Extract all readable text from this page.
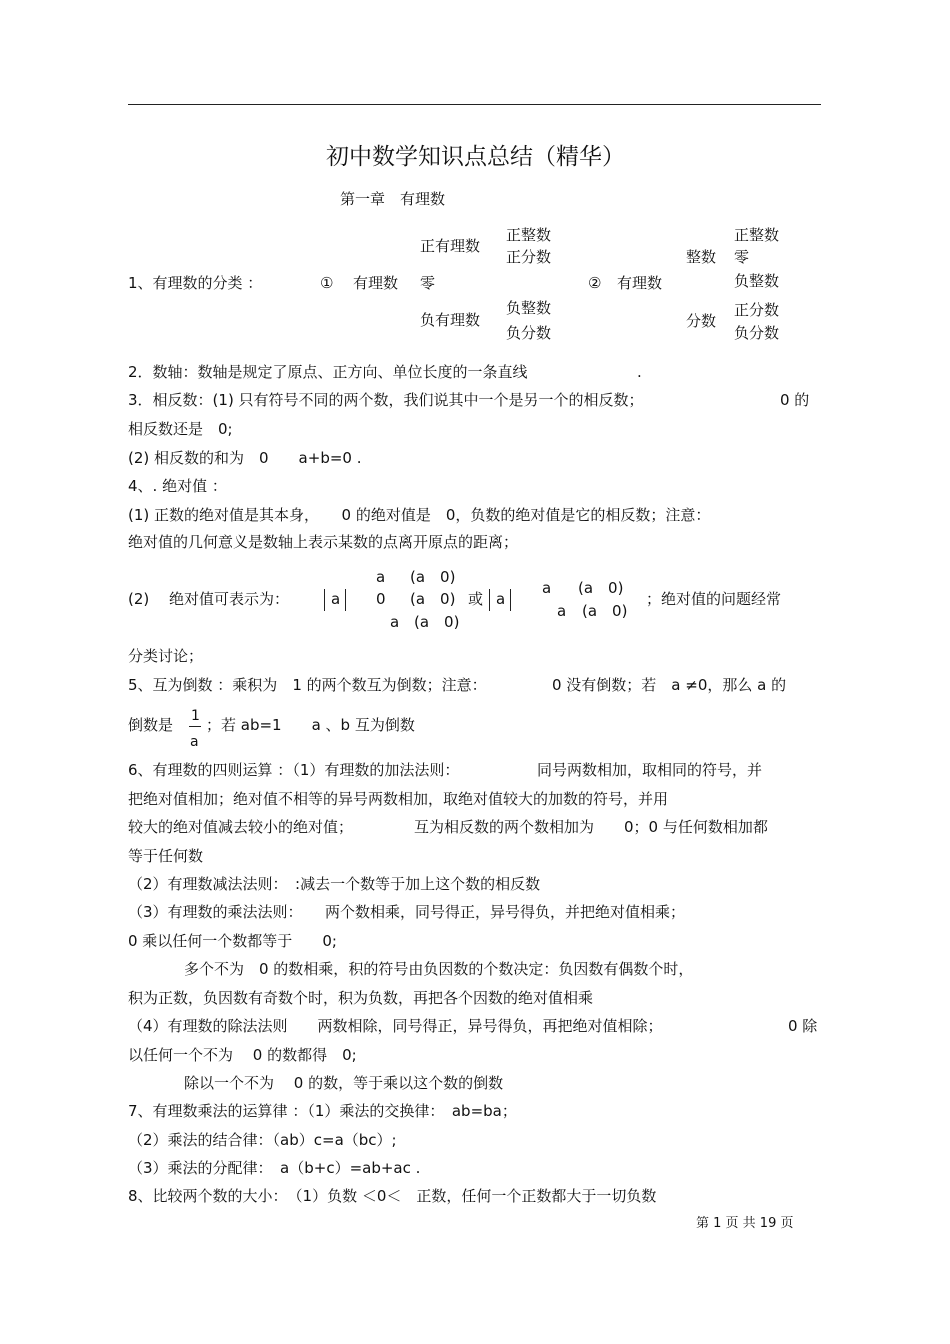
初中数学知识点总结（精华）
第一章　有理数
1、有理数的分类 ：	① 有理数
正有理数
正整数
正分数
零
负有理数
负整数
负分数
② 有理数
整数
正整数
零
负整数
分数
正分数
负分数
2．数轴：数轴是规定了原点、正方向、单位长度的一条直线	.
3．相反数：(1) 只有符号不同的两个数，我们说其中一个是另一个的相反数；	0 的
相反数还是　0;
(2) 相反数的和为　0　　a+b=0 .
4、. 绝对值 ：
(1) 正数的绝对值是其本身，　　0 的绝对值是　0，负数的绝对值是它的相反数；注意：
绝对值的几何意义是数轴上表示某数的点离开原点的距离；
(2)　 绝对值可表示为：	a
a (a　0)
0 (a　0)
a (a　0)
或 a
a (a　0)
a (a　0)
；绝对值的问题经常
分类讨论；
5、互为倒数 ：乘积为　1 的两个数互为倒数；注意：	0 没有倒数；若　a ≠0，那么 a 的
倒数是 1
a
；若 ab=1　　a 、b 互为倒数
6、有理数的四则运算 ：（1）有理数的加法法则：	同号两数相加，取相同的符号，并
把绝对值相加；绝对值不相等的异号两数相加，取绝对值较大的加数的符号，并用
较大的绝对值减去较小的绝对值；	互为相反数的两个数相加为　　0；0 与任何数相加都
等于任何数
（2）有理数减法法则：　:减去一个数等于加上这个数的相反数
（3）有理数的乘法法则：　　两个数相乘，同号得正，异号得负，并把绝对值相乘；
0 乘以任何一个数都等于　　0;
多个不为　0 的数相乘，积的符号由负因数的个数决定：负因数有偶数个时，
积为正数，负因数有奇数个时，积为负数，再把各个因数的绝对值相乘
（4）有理数的除法法则　　两数相除，同号得正，异号得负，再把绝对值相除；	0 除
以任何一个不为　 0 的数都得　0;
除以一个不为　 0 的数，等于乘以这个数的倒数
7、有理数乘法的运算律 ：（1）乘法的交换律：　ab=ba；
（2）乘法的结合律：（ab）c=a（bc）;
（3）乘法的分配律：　a（b+c）=ab+ac .
8、比较两个数的大小：　（1）负数 ＜0＜　正数，任何一个正数都大于一切负数
第 1 页 共 19 页
